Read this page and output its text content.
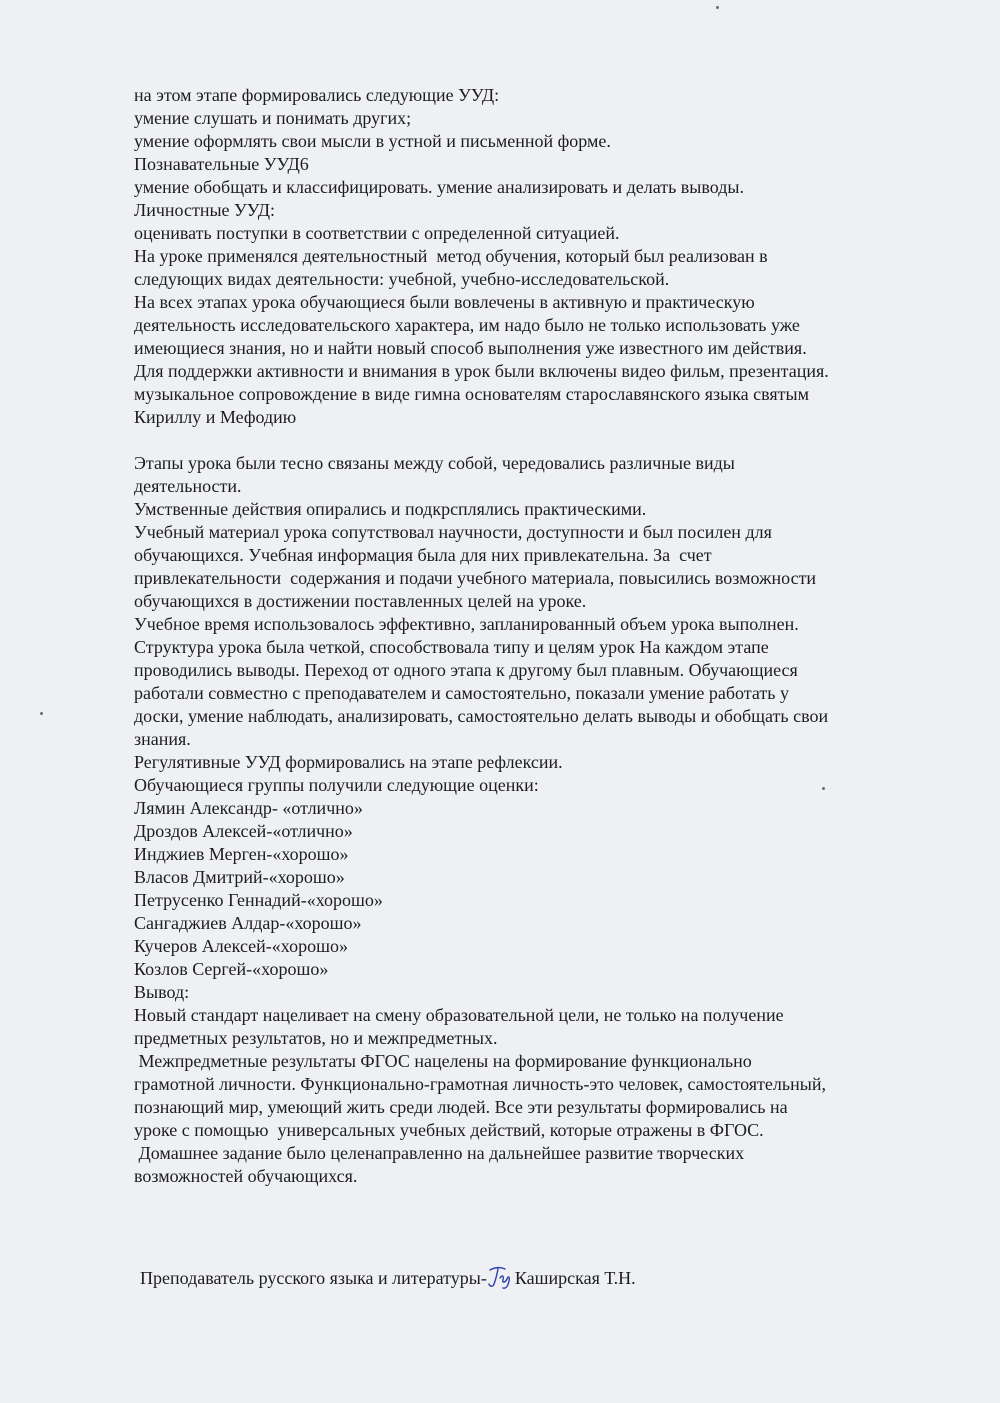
на этом этапе формировались следующие УУД:
умение слушать и понимать других;
умение оформлять свои мысли в устной и письменной форме.
Познавательные УУД6
умение обобщать и классифицировать. умение анализировать и делать выводы.
Личностные УУД:
оценивать поступки в соответствии с определенной ситуацией.
На уроке применялся деятельностный  метод обучения, который был реализован в
следующих видах деятельности: учебной, учебно-исследовательской.
На всех этапах урока обучающиеся были вовлечены в активную и практическую
деятельность исследовательского характера, им надо было не только использовать уже
имеющиеся знания, но и найти новый способ выполнения уже известного им действия.
Для поддержки активности и внимания в урок были включены видео фильм, презентация.
музыкальное сопровождение в виде гимна основателям старославянского языка святым
Кириллу и Мефодию
Этапы урока были тесно связаны между собой, чередовались различные виды
деятельности.
Умственные действия опирались и подкрсплялись практическими.
Учебный материал урока сопутствовал научности, доступности и был посилен для
обучающихся. Учебная информация была для них привлекательна. За  счет
привлекательности  содержания и подачи учебного материала, повысились возможности
обучающихся в достижении поставленных целей на уроке.
Учебное время использовалось эффективно, запланированный объем урока выполнен.
Структура урока была четкой, способствовала типу и целям урок На каждом этапе
проводились выводы. Переход от одного этапа к другому был плавным. Обучающиеся
работали совместно с преподавателем и самостоятельно, показали умение работать у
доски, умение наблюдать, анализировать, самостоятельно делать выводы и обобщать свои
знания.
Регулятивные УУД формировались на этапе рефлексии.
Обучающиеся группы получили следующие оценки:
Лямин Александр- «отлично»
Дроздов Алексей-«отлично»
Инджиев Мерген-«хорошо»
Власов Дмитрий-«хорошо»
Петрусенко Геннадий-«хорошо»
Сангаджиев Алдар-«хорошо»
Кучеров Алексей-«хорошо»
Козлов Сергей-«хорошо»
Вывод:
Новый стандарт нацеливает на смену образовательной цели, не только на получение
предметных результатов, но и межпредметных.
Межпредметные результаты ФГОС нацелены на формирование функционально
грамотной личности. Функционально-грамотная личность-это человек, самостоятельный,
познающий мир, умеющий жить среди людей. Все эти результаты формировались на
уроке с помощью  универсальных учебных действий, которые отражены в ФГОС.
Домашнее задание было целенаправленно на дальнейшее развитие творческих
возможностей обучающихся.
Преподаватель русского языка и литературы- Каширская Т.Н.
